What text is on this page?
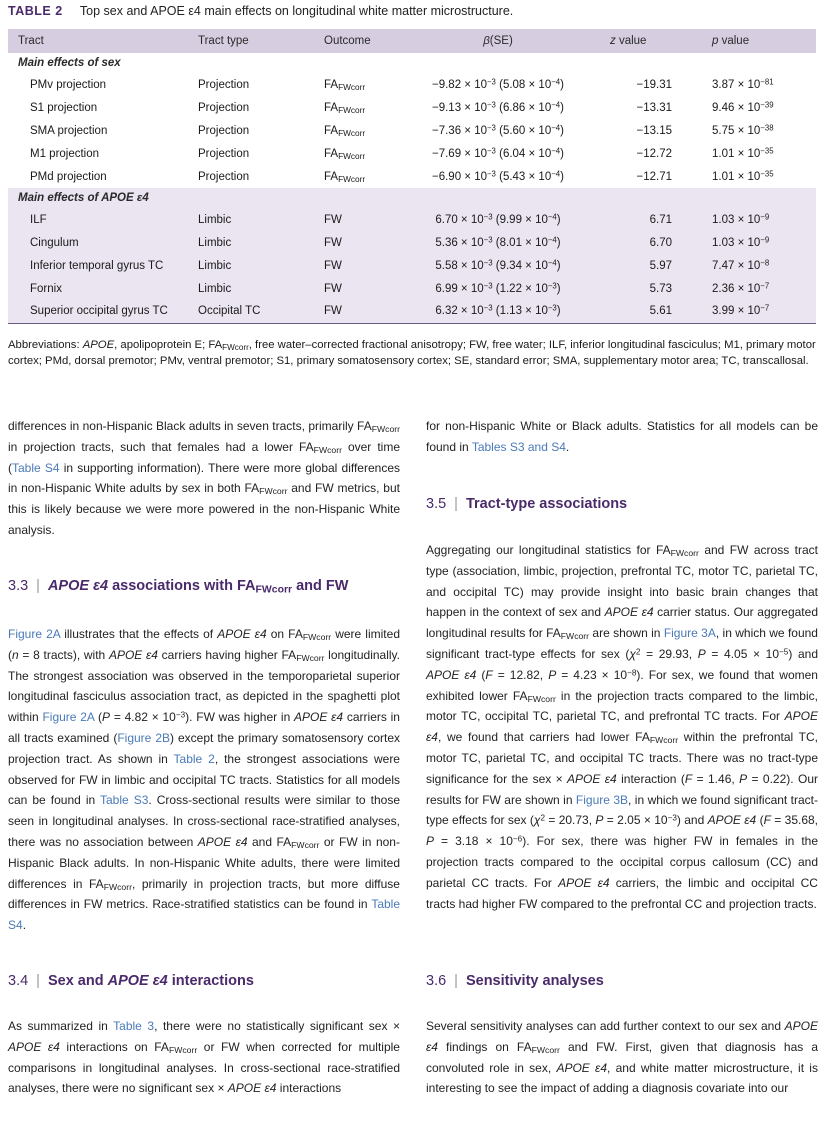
TABLE 2 Top sex and APOE ε4 main effects on longitudinal white matter microstructure.
Tract	Tract type	Outcome	β(SE)	z value	p value
Main effects of sex					
PMv projection	Projection	$FA_{FWcorr}$	$-9.82 \times 10^{-3}$ $(5.08 \times 10^{-4})$	−19.31	$3.87 \times 10^{-81}$
S1 projection	Projection	$FA_{FWcorr}$	$-9.13 \times 10^{-3}$ $(6.86 \times 10^{-4})$	−13.31	$9.46 \times 10^{-39}$
SMA projection	Projection	$FA_{FWcorr}$	$-7.36 \times 10^{-3}$ $(5.60 \times 10^{-4})$	−13.15	$5.75 \times 10^{-38}$
M1 projection	Projection	$FA_{FWcorr}$	$-7.69 \times 10^{-3}$ $(6.04 \times 10^{-4})$	−12.72	$1.01 \times 10^{-35}$
PMd projection	Projection	$FA_{FWcorr}$	$-6.90 \times 10^{-3}$ $(5.43 \times 10^{-4})$	−12.71	$1.01 \times 10^{-35}$
Main effects of APOE ε4					
ILF	Limbic	FW	$6.70 \times 10^{-3}$ $(9.99 \times 10^{-4})$	6.71	$1.03 \times 10^{-9}$
Cingulum	Limbic	FW	$5.36 \times 10^{-3}$ $(8.01 \times 10^{-4})$	6.70	$1.03 \times 10^{-9}$
Inferior temporal gyrus TC	Limbic	FW	$5.58 \times 10^{-3}$ $(9.34 \times 10^{-4})$	5.97	$7.47 \times 10^{-8}$
Fornix	Limbic	FW	$6.99 \times 10^{-3}$ $(1.22 \times 10^{-3})$	5.73	$2.36 \times 10^{-7}$
Superior occipital gyrus TC	Occipital TC	FW	$6.32 \times 10^{-3}$ $(1.13 \times 10^{-3})$	5.61	$3.99 \times 10^{-7}$
Abbreviations: APOE, apolipoprotein E; $FA_{FWcorr}$, free water–corrected fractional anisotropy; FW, free water; ILF, inferior longitudinal fasciculus; M1, primary motor cortex; PMd, dorsal premotor; PMv, ventral premotor; S1, primary somatosensory cortex; SE, standard error; SMA, supplementary motor area; TC, transcallosal.

differences in non-Hispanic Black adults in seven tracts, primarily $FA_{FWcorr}$ in projection tracts, such that females had a lower $FA_{FWcorr}$ over time (Table S4 in supporting information). There were more global differences in non-Hispanic White adults by sex in both $FA_{FWcorr}$ and FW metrics, but this is likely because we were more powered in the non-Hispanic White analysis.

3.3 | APOE ε4 associations with $FA_{FWcorr}$ and FW

Figure 2A illustrates that the effects of APOE ε4 on $FA_{FWcorr}$ were limited (n = 8 tracts), with APOE ε4 carriers having higher $FA_{FWcorr}$ longitudinally. The strongest association was observed in the temporoparietal superior longitudinal fasciculus association tract, as depicted in the spaghetti plot within Figure 2A $(P = 4.82 \times 10^{-3})$. FW was higher in APOE ε4 carriers in all tracts examined (Figure 2B) except the primary somatosensory cortex projection tract. As shown in Table 2, the strongest associations were observed for FW in limbic and occipital TC tracts. Statistics for all models can be found in Table S3. Cross-sectional results were similar to those seen in longitudinal analyses. In cross-sectional race-stratified analyses, there was no association between APOE ε4 and $FA_{FWcorr}$ or FW in non-Hispanic Black adults. In non-Hispanic White adults, there were limited differences in $FA_{FWcorr}$, primarily in projection tracts, but more diffuse differences in FW metrics. Race-stratified statistics can be found in Table S4.

3.4 | Sex and APOE ε4 interactions

As summarized in Table 3, there were no statistically significant sex × APOE ε4 interactions on $FA_{FWcorr}$ or FW when corrected for multiple comparisons in longitudinal analyses. In cross-sectional race-stratified analyses, there were no significant sex × APOE ε4 interactions

for non-Hispanic White or Black adults. Statistics for all models can be found in Tables S3 and S4.

3.5 | Tract-type associations

Aggregating our longitudinal statistics for $FA_{FWcorr}$ and FW across tract type (association, limbic, projection, prefrontal TC, motor TC, parietal TC, and occipital TC) may provide insight into basic brain changes that happen in the context of sex and APOE ε4 carrier status. Our aggregated longitudinal results for $FA_{FWcorr}$ are shown in Figure 3A, in which we found significant tract-type effects for sex ($\chi^2 = 29.93$, $P = 4.05 \times 10^{-5}$) and APOE ε4 (F = 12.82, $P = 4.23 \times 10^{-8}$). For sex, we found that women exhibited lower $FA_{FWcorr}$ in the projection tracts compared to the limbic, motor TC, occipital TC, parietal TC, and prefrontal TC tracts. For APOE ε4, we found that carriers had lower $FA_{FWcorr}$ within the prefrontal TC, motor TC, parietal TC, and occipital TC tracts. There was no tract-type significance for the sex × APOE ε4 interaction (F = 1.46, P = 0.22). Our results for FW are shown in Figure 3B, in which we found significant tract-type effects for sex ($\chi^2 = 20.73$, $P = 2.05 \times 10^{-3}$) and APOE ε4 (F = 35.68, $P = 3.18 \times 10^{-6}$). For sex, there was higher FW in females in the projection tracts compared to the occipital corpus callosum (CC) and parietal CC tracts. For APOE ε4 carriers, the limbic and occipital CC tracts had higher FW compared to the prefrontal CC and projection tracts.

3.6 | Sensitivity analyses

Several sensitivity analyses can add further context to our sex and APOE ε4 findings on $FA_{FWcorr}$ and FW. First, given that diagnosis has a convoluted role in sex, APOE ε4, and white matter microstructure, it is interesting to see the impact of adding a diagnosis covariate into our
